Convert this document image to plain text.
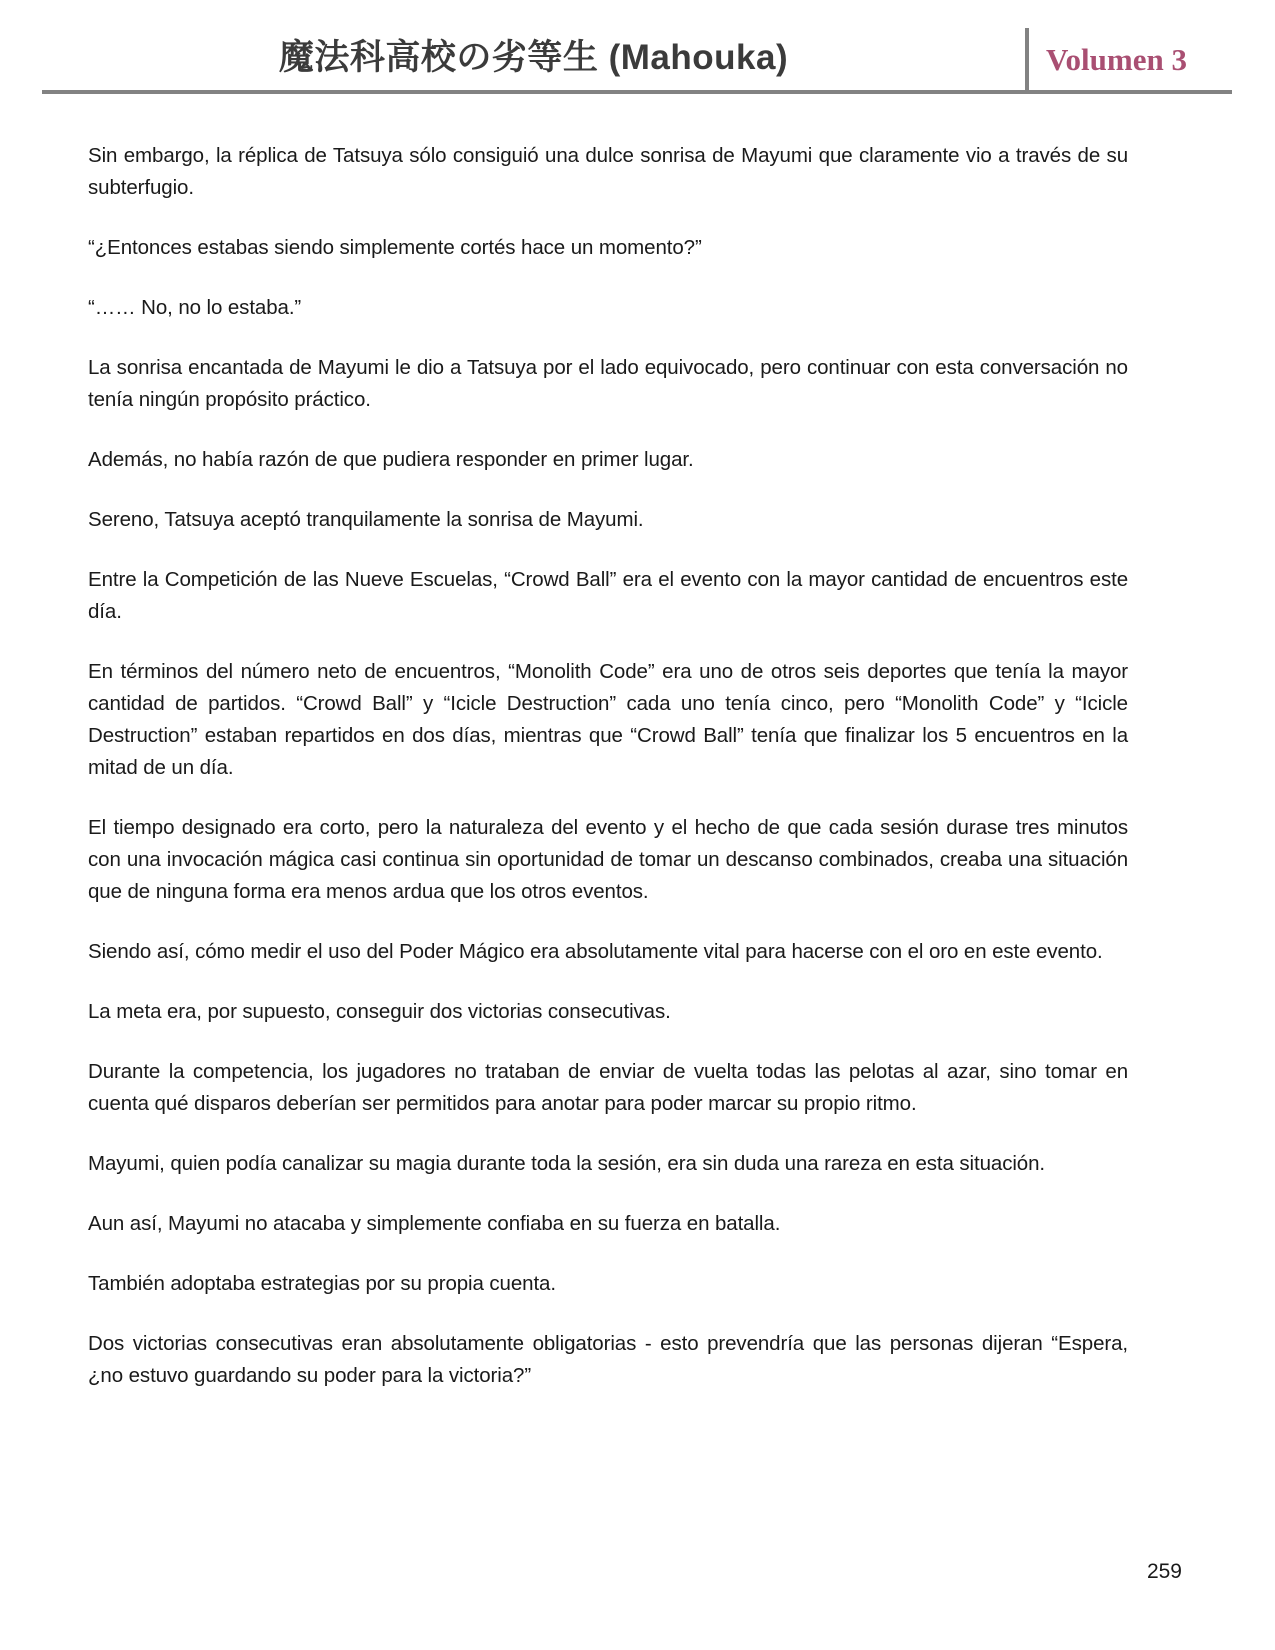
魔法科高校の劣等生 (Mahouka)	Volumen 3

Sin embargo, la réplica de Tatsuya sólo consiguió una dulce sonrisa de Mayumi que claramente vio a través de su subterfugio.

“¿Entonces estabas siendo simplemente cortés hace un momento?”

“…… No, no lo estaba.”

La sonrisa encantada de Mayumi le dio a Tatsuya por el lado equivocado, pero continuar con esta conversación no tenía ningún propósito práctico.

Además, no había razón de que pudiera responder en primer lugar.

Sereno, Tatsuya aceptó tranquilamente la sonrisa de Mayumi.

Entre la Competición de las Nueve Escuelas, “Crowd Ball” era el evento con la mayor cantidad de encuentros este día.

En términos del número neto de encuentros, “Monolith Code” era uno de otros seis deportes que tenía la mayor cantidad de partidos. “Crowd Ball” y “Icicle Destruction” cada uno tenía cinco, pero “Monolith Code” y “Icicle Destruction” estaban repartidos en dos días, mientras que “Crowd Ball” tenía que finalizar los 5 encuentros en la mitad de un día.

El tiempo designado era corto, pero la naturaleza del evento y el hecho de que cada sesión durase tres minutos con una invocación mágica casi continua sin oportunidad de tomar un descanso combinados, creaba una situación que de ninguna forma era menos ardua que los otros eventos.

Siendo así, cómo medir el uso del Poder Mágico era absolutamente vital para hacerse con el oro en este evento.

La meta era, por supuesto, conseguir dos victorias consecutivas.

Durante la competencia, los jugadores no trataban de enviar de vuelta todas las pelotas al azar, sino tomar en cuenta qué disparos deberían ser permitidos para anotar para poder marcar su propio ritmo.

Mayumi, quien podía canalizar su magia durante toda la sesión, era sin duda una rareza en esta situación.

Aun así, Mayumi no atacaba y simplemente confiaba en su fuerza en batalla.

También adoptaba estrategias por su propia cuenta.

Dos victorias consecutivas eran absolutamente obligatorias - esto prevendría que las personas dijeran “Espera, ¿no estuvo guardando su poder para la victoria?”

259
